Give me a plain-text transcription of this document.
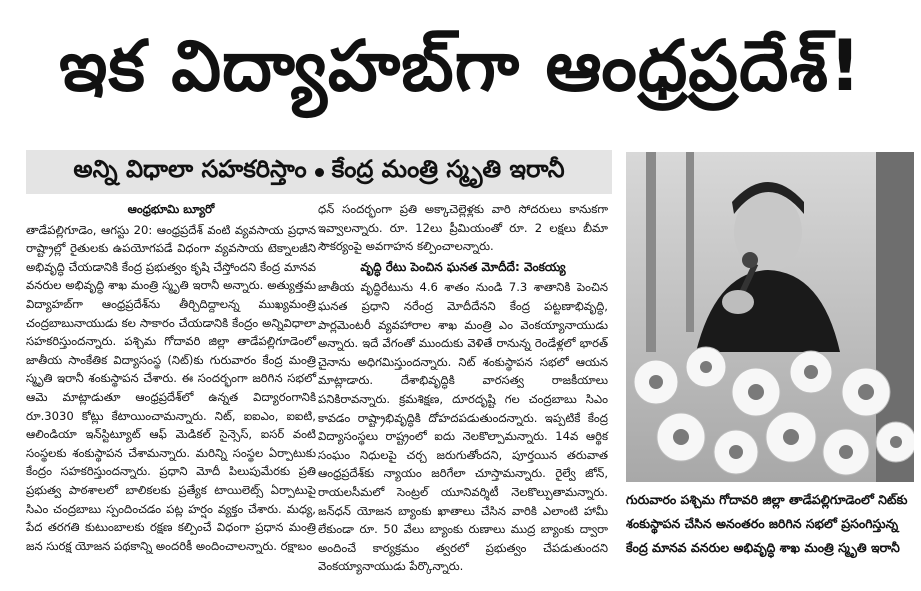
ఇక విద్యాహబ్‌గా ఆంధ్రప్రదేశ్!
అన్ని విధాలా సహకరిస్తాం కేంద్ర మంత్రి స్మృతి ఇరానీ

ఆంధ్రభూమి బ్యూరో

తాడేపల్లిగూడెం, ఆగస్టు 20: ఆంధ్రప్రదేశ్ వంటి వ్యవసాయ ప్రధాన రాష్ట్రాల్లో రైతులకు ఉపయోగపడే విధంగా వ్యవసాయ టెక్నాలజీని అభివృద్ధి చేయడానికి కేంద్ర ప్రభుత్వం కృషి చేస్తోందని కేంద్ర మానవ వనరుల అభివృద్ధి శాఖ మంత్రి స్మృతి ఇరానీ అన్నారు. అత్యుత్తమ విద్యాహబ్‌గా ఆంధ్రప్రదేశ్‌ను తీర్చిదిద్దాలన్న ముఖ్యమంత్రి చంద్రబాబునాయుడు కల సాకారం చేయడానికి కేంద్రం అన్నివిధాలా సహకరిస్తుందన్నారు. పశ్చిమ గోదావరి జిల్లా తాడేపల్లిగూడెంలో జాతీయ సాంకేతిక విద్యాసంస్థ (నిట్)కు గురువారం కేంద్ర మంత్రి స్మృతి ఇరానీ శంకుస్థాపన చేశారు. ఈ సందర్భంగా జరిగిన సభలో ఆమె మాట్లాడుతూ ఆంధ్రప్రదేశ్‌లో ఉన్నత విద్యారంగానికి రూ.3030 కోట్లు కేటాయించామన్నారు. నిట్, ఐఐఎం, ఐఐటి, ఆలిండియా ఇన్‌స్టిట్యూట్ ఆఫ్ మెడికల్ సైన్సెస్, ఐసర్ వంటి సంస్థలకు శంకుస్థాపన చేశామన్నారు. మరిన్ని సంస్థల ఏర్పాటుకు కేంద్రం సహకరిస్తుందన్నారు. ప్రధాని మోదీ పిలుపుమేరకు ప్రతి ప్రభుత్వ పాఠశాలలో బాలికలకు ప్రత్యేక టాయిలెట్స్ ఏర్పాటుపై సిఎం చంద్రబాబు స్పందించడం పట్ల హర్షం వ్యక్తం చేశారు. మధ్య, పేద తరగతి కుటుంబాలకు రక్షణ కల్పించే విధంగా ప్రధాన మంత్రి జన సురక్ష యోజన పథకాన్ని అందరికీ అందించాలన్నారు. రక్షాబం

ధన్ సందర్భంగా ప్రతి అక్కాచెల్లెళ్లకు వారి సోదరులు కానుకగా ఇవ్వాలన్నారు. రూ. 12లు ప్రీమియంతో రూ. 2 లక్షలు బీమా సౌకర్యంపై అవగాహన కల్పించాలన్నారు.

వృద్ధి రేటు పెంచిన ఘనత మోదీదే: వెంకయ్య

జాతీయ వృద్ధిరేటును 4.6 శాతం నుండి 7.3 శాతానికి పెంచిన ఘనత ప్రధాని నరేంద్ర మోదీదేనని కేంద్ర పట్టణాభివృద్ధి, పార్లమెంటరీ వ్యవహారాల శాఖ మంత్రి ఎం వెంకయ్యానాయుడు అన్నారు. ఇదే వేగంతో ముందుకు వెళితే రానున్న రెండేళ్లలో భారత్ చైనాను అధిగమిస్తుందన్నారు. నిట్ శంకుస్థాపన సభలో ఆయన మాట్లాడారు. దేశాభివృద్ధికి వారసత్వ రాజకీయాలు పనికిరావన్నారు. క్రమశిక్షణ, దూరదృష్టి గల చంద్రబాబు సిఎం కావడం రాష్ట్రాభివృద్ధికి దోహదపడుతుందన్నారు. ఇప్పటికే కేంద్ర విద్యాసంస్థలు రాష్ట్రంలో ఐదు నెలకొల్పామన్నారు. 14వ ఆర్థిక సంఘం నిధులపై చర్చ జరుగుతోందని, పూర్తయిన తరువాత ఆంధ్రప్రదేశ్‌కు న్యాయం జరిగేలా చూస్తామన్నారు. రైల్వే జోన్, రాయలసీమలో సెంట్రల్ యూనివర్శిటీ నెలకొల్పుతామన్నారు. జన్‌ధన్ యోజన బ్యాంకు ఖాతాలు చేసిన వారికి ఎలాంటి హామీ లేకుండా రూ. 50 వేలు బ్యాంకు రుణాలు ముద్ర బ్యాంకు ద్వారా అందించే కార్యక్రమం త్వరలో ప్రభుత్వం చేపడుతుందని వెంకయ్యానాయుడు పేర్కొన్నారు.

గురువారం పశ్చిమ గోదావరి జిల్లా తాడేపల్లిగూడెంలో నిట్‌కు శంకుస్థాపన చేసిన అనంతరం జరిగిన సభలో ప్రసంగిస్తున్న కేంద్ర మానవ వనరుల అభివృద్ధి శాఖ మంత్రి స్మృతి ఇరానీ
